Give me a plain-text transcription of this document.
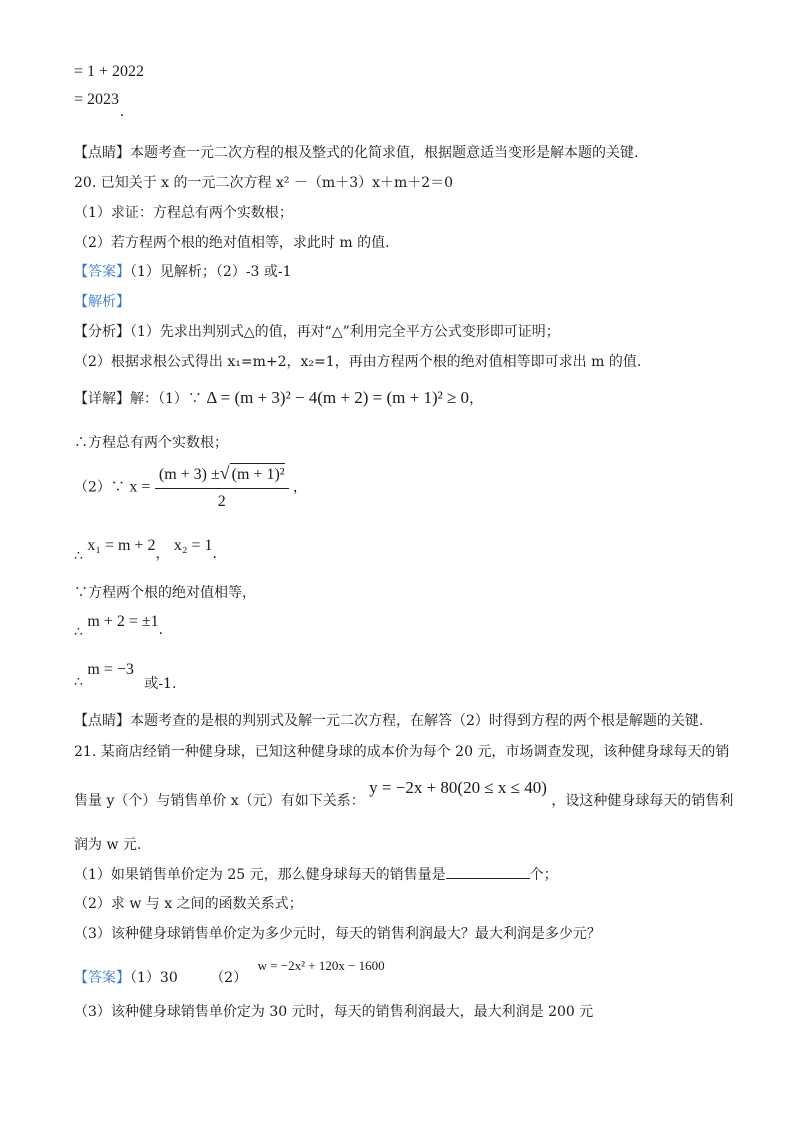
= 1 + 2022
= 2023
.
【点睛】本题考查一元二次方程的根及整式的化简求值，根据题意适当变形是解本题的关键.
20. 已知关于 x 的一元二次方程 x² －（m＋3）x＋m＋2＝0
（1）求证：方程总有两个实数根；
（2）若方程两个根的绝对值相等，求此时 m 的值.
【答案】（1）见解析；（2）-3 或-1
【解析】
【分析】（1）先求出判别式△的值，再对“△”利用完全平方公式变形即可证明；
（2）根据求根公式得出 x₁=m+2，x₂=1，再由方程两个根的绝对值相等即可求出 m 的值.
【详解】解：（1）∵ Δ = (m + 3)² − 4(m + 2) = (m + 1)² ≥ 0，
∴方程总有两个实数根；
（2）∵ $x = \frac{\text{(m + 3) ±√ (m + 1)²}}{2}$ ，
∴ x₁ = m + 2， x₂ = 1.
∵方程两个根的绝对值相等，
∴ m + 2 = ±1.
∴ m = −3 或-1.
【点睛】本题考查的是根的判别式及解一元二次方程，在解答（2）时得到方程的两个根是解题的关键.
21. 某商店经销一种健身球，已知这种健身球的成本价为每个 20 元，市场调查发现，该种健身球每天的销
售量 y（个）与销售单价 x（元）有如下关系： y = −2x + 80(20 ≤ x ≤ 40) ，设这种健身球每天的销售利
润为 w 元.
（1）如果销售单价定为 25 元，那么健身球每天的销售量是	个；
（2）求 w 与 x 之间的函数关系式；
（3）该种健身球销售单价定为多少元时，每天的销售利润最大？最大利润是多少元？
【答案】（1）30 （2） w = −2x² + 120x − 1600
（3）该种健身球销售单价定为 30 元时，每天的销售利润最大，最大利润是 200 元
